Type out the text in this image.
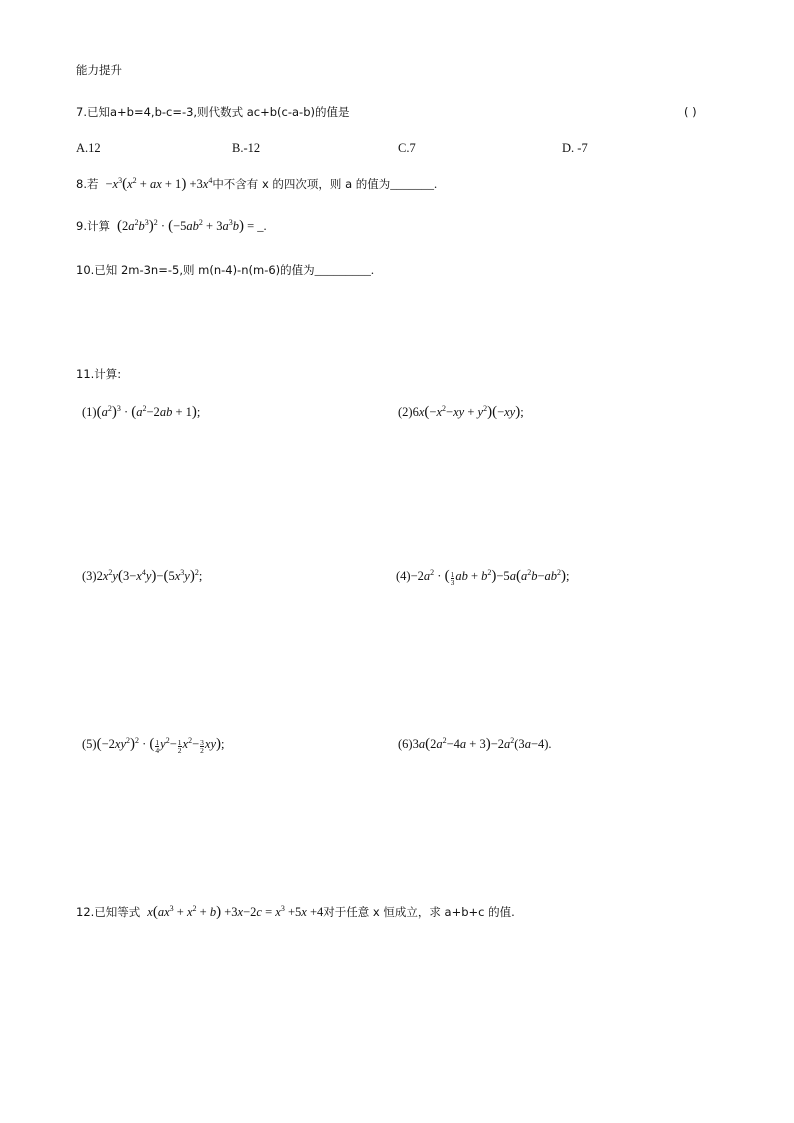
能力提升
7.已知a+b=4,b-c=-3,则代数式 ac+b(c-a-b)的值是	( )
A.12	B.-12	C.7	D. -7
8.若  $-x^3(x^2$ + ax + $1) +3x^4$中不含有 x 的四次项，则 a 的值为_______.
9.计算 $(2a^2b^3)^2 \cdot (-5ab^2 + 3a^3b)$ = _.
10.已知 2m-3n=-5,则 m(n-4)-n(m-6)的值为_________.
11.计算:
$(1)(a^2)^3 \cdot (a^2-2ab + 1)$;	$(2)6x(-x^2-xy + y^2)(-xy)$;
$(3)2x^2y(3-x^4y)-(5x^3y)^2$;	$(4)-2a^2$ · ( $\frac{1}{3}$ ab + $b^2)-5a(a^2b-ab^2)$;
$(5)(-2xy^2)^2$ · ( $\frac{1}{4} y^2- \frac{1}{2} x^2- \frac{3}{2} xy$);	$(6)3a(2a^2-4a + 3)-2a^2(3a-4)$.
12.已知等式 $x(ax^3 + x^2 + b) +3x-2c = x^3 +5x +4$对于任意 x 恒成立，求 a+b+c 的值.
